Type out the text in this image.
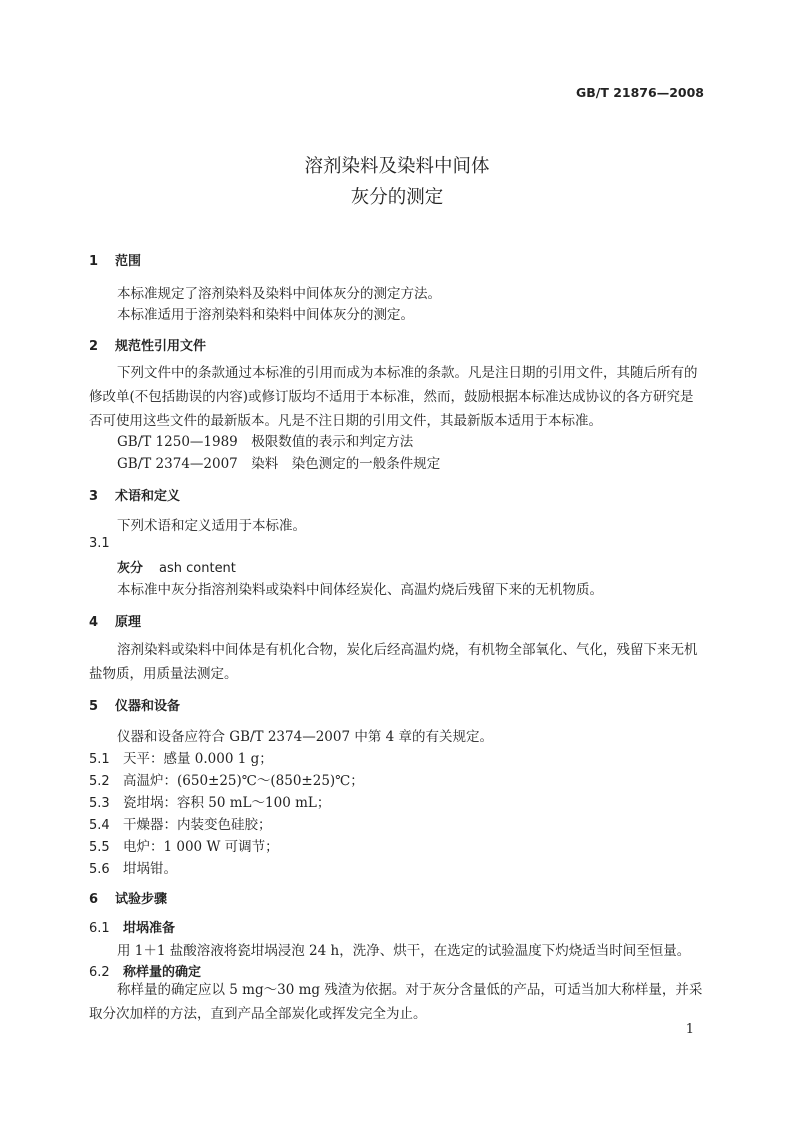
GB/T 21876—2008
溶剂染料及染料中间体
灰分的测定
1 范围
本标准规定了溶剂染料及染料中间体灰分的测定方法。
本标准适用于溶剂染料和染料中间体灰分的测定。
2 规范性引用文件
下列文件中的条款通过本标准的引用而成为本标准的条款。凡是注日期的引用文件，其随后所有的修改单(不包括勘误的内容)或修订版均不适用于本标准，然而，鼓励根据本标准达成协议的各方研究是否可使用这些文件的最新版本。凡是不注日期的引用文件，其最新版本适用于本标准。
GB/T 1250—1989　极限数值的表示和判定方法
GB/T 2374—2007　染料　染色测定的一般条件规定
3 术语和定义
下列术语和定义适用于本标准。
3.1
灰分 ash content
本标准中灰分指溶剂染料或染料中间体经炭化、高温灼烧后残留下来的无机物质。
4 原理
溶剂染料或染料中间体是有机化合物，炭化后经高温灼烧，有机物全部氧化、气化，残留下来无机盐物质，用质量法测定。
5 仪器和设备
仪器和设备应符合 GB/T 2374—2007 中第 4 章的有关规定。
5.1 天平：感量 0.000 1 g；
5.2 高温炉：(650±25)℃～(850±25)℃；
5.3 瓷坩埚：容积 50 mL～100 mL；
5.4 干燥器：内装变色硅胶；
5.5 电炉：1 000 W 可调节；
5.6 坩埚钳。
6 试验步骤
6.1 坩埚准备
用 1＋1 盐酸溶液将瓷坩埚浸泡 24 h，洗净、烘干，在选定的试验温度下灼烧适当时间至恒量。
6.2 称样量的确定
称样量的确定应以 5 mg～30 mg 残渣为依据。对于灰分含量低的产品，可适当加大称样量，并采取分次加样的方法，直到产品全部炭化或挥发完全为止。
1
